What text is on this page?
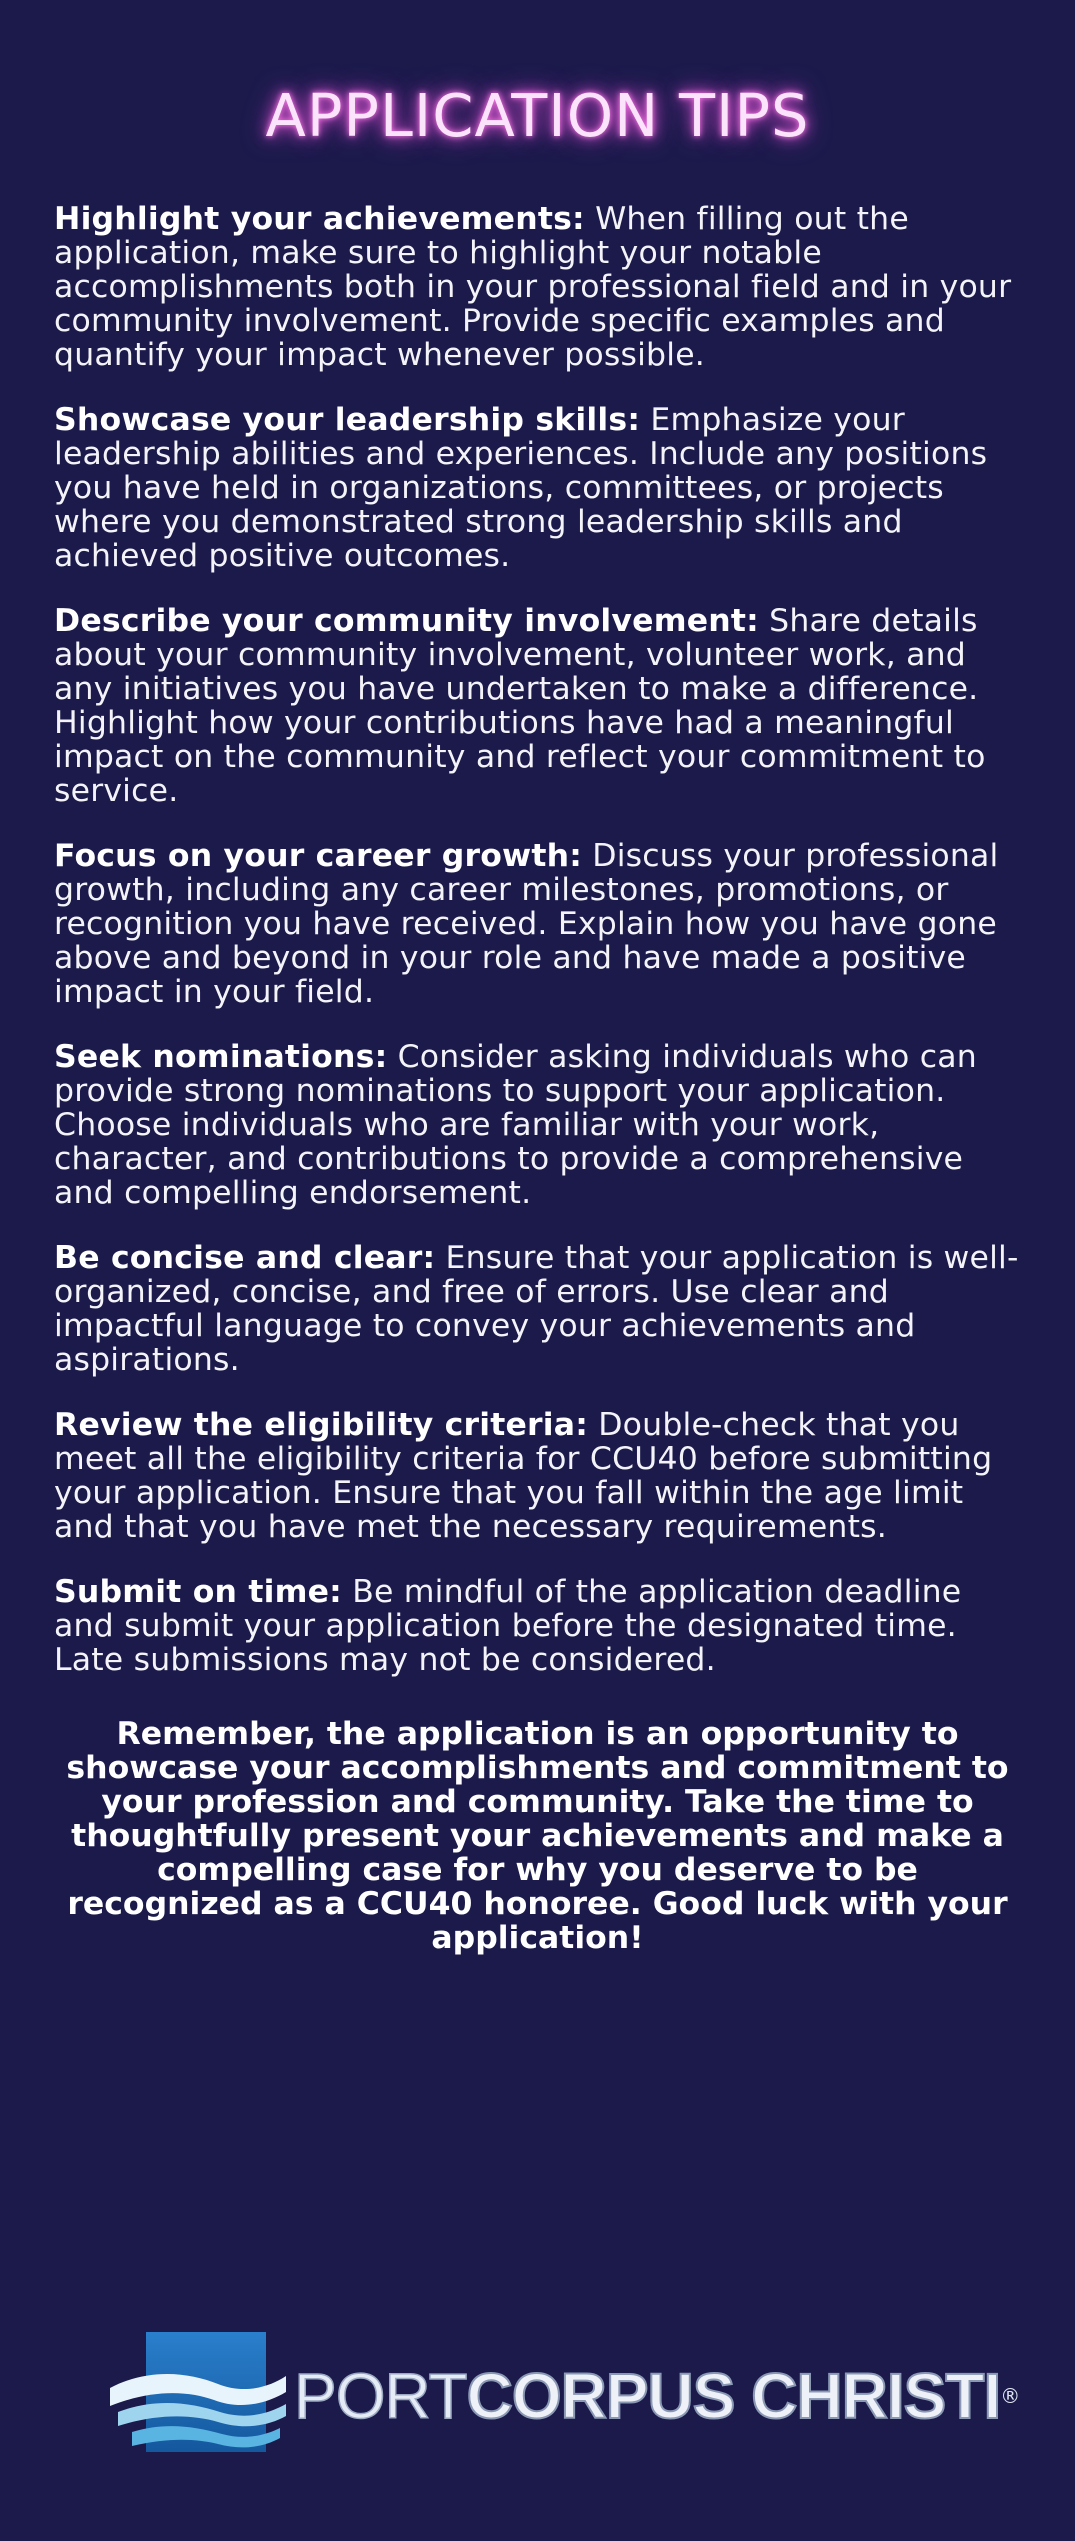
APPLICATION TIPS

Highlight your achievements: When filling out the application, make sure to highlight your notable accomplishments both in your professional field and in your community involvement. Provide specific examples and quantify your impact whenever possible.

Showcase your leadership skills: Emphasize your leadership abilities and experiences. Include any positions you have held in organizations, committees, or projects where you demonstrated strong leadership skills and achieved positive outcomes.

Describe your community involvement: Share details about your community involvement, volunteer work, and any initiatives you have undertaken to make a difference. Highlight how your contributions have had a meaningful impact on the community and reflect your commitment to service.

Focus on your career growth: Discuss your professional growth, including any career milestones, promotions, or recognition you have received. Explain how you have gone above and beyond in your role and have made a positive impact in your field.

Seek nominations: Consider asking individuals who can provide strong nominations to support your application. Choose individuals who are familiar with your work, character, and contributions to provide a comprehensive and compelling endorsement.

Be concise and clear: Ensure that your application is well-organized, concise, and free of errors. Use clear and impactful language to convey your achievements and aspirations.

Review the eligibility criteria: Double-check that you meet all the eligibility criteria for CCU40 before submitting your application. Ensure that you fall within the age limit and that you have met the necessary requirements.

Submit on time: Be mindful of the application deadline and submit your application before the designated time. Late submissions may not be considered.

Remember, the application is an opportunity to showcase your accomplishments and commitment to your profession and community. Take the time to thoughtfully present your achievements and make a compelling case for why you deserve to be recognized as a CCU40 honoree. Good luck with your application!

PORTCORPUS CHRISTI®
